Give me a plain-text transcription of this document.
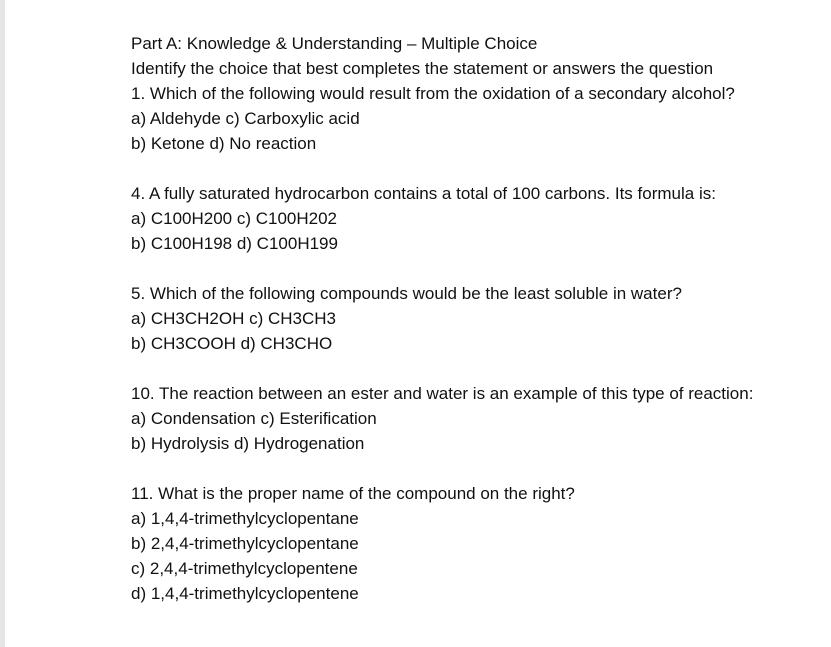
Part A: Knowledge & Understanding – Multiple Choice
Identify the choice that best completes the statement or answers the question
1. Which of the following would result from the oxidation of a secondary alcohol?
a) Aldehyde c) Carboxylic acid
b) Ketone d) No reaction
4. A fully saturated hydrocarbon contains a total of 100 carbons. Its formula is:
a) C100H200 c) C100H202
b) C100H198 d) C100H199
5. Which of the following compounds would be the least soluble in water?
a) CH3CH2OH c) CH3CH3
b) CH3COOH d) CH3CHO
10. The reaction between an ester and water is an example of this type of reaction:
a) Condensation c) Esterification
b) Hydrolysis d) Hydrogenation
11. What is the proper name of the compound on the right?
a) 1,4,4-trimethylcyclopentane
b) 2,4,4-trimethylcyclopentane
c) 2,4,4-trimethylcyclopentene
d) 1,4,4-trimethylcyclopentene
